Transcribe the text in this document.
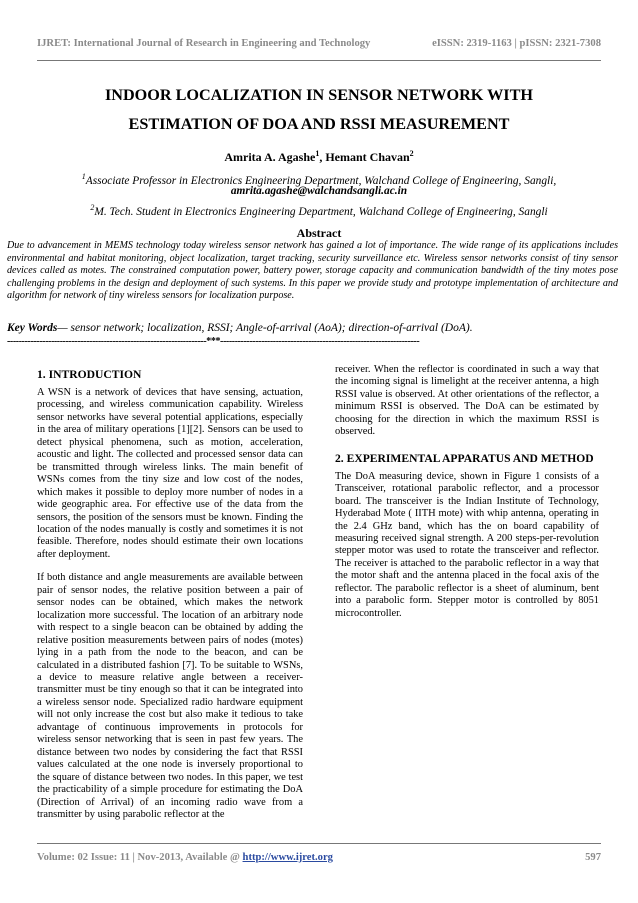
IJRET: International Journal of Research in Engineering and Technology	eISSN: 2319-1163 | pISSN: 2321-7308
INDOOR LOCALIZATION IN SENSOR NETWORK WITH
ESTIMATION OF DOA AND RSSI MEASUREMENT
Amrita A. Agashe$^1$, Hemant Chavan$^2$
$^1$Associate Professor in Electronics Engineering Department, Walchand College of Engineering, Sangli,
amrita.agashe@walchandsangli.ac.in
$^2$M. Tech. Student in Electronics Engineering Department, Walchand College of Engineering, Sangli
Abstract
Due to advancement in MEMS technology today wireless sensor network has gained a lot of importance. The wide range of its applications includes environmental and habitat monitoring, object localization, target tracking, security surveillance etc. Wireless sensor networks consist of tiny sensor devices called as motes. The constrained computation power, battery power, storage capacity and communication bandwidth of the tiny motes pose challenging problems in the design and deployment of such systems. In this paper we provide study and prototype implementation of architecture and algorithm for network of tiny wireless sensors for localization purpose.
Key Words— sensor network; localization, RSSI; Angle-of-arrival (AoA); direction-of-arrival (DoA).
--------------------------------------------------------------------***--------------------------------------------------------------------
1. INTRODUCTION

A WSN is a network of devices that have sensing, actuation, processing, and wireless communication capability. Wireless sensor networks have several potential applications, especially in the area of military operations [1][2]. Sensors can be used to detect physical phenomena, such as motion, acceleration, acoustic and light. The collected and processed sensor data can be transmitted through wireless links. The main benefit of WSNs comes from the tiny size and low cost of the nodes, which makes it possible to deploy more number of nodes in a wide geographic area. For effective use of the data from the sensors, the position of the sensors must be known. Finding the location of the nodes manually is costly and sometimes it is not feasible. Therefore, nodes should estimate their own locations after deployment.

If both distance and angle measurements are available between pair of sensor nodes, the relative position between a pair of sensor nodes can be obtained, which makes the network localization more successful. The location of an arbitrary node with respect to a single beacon can be obtained by adding the relative position measurements between pairs of nodes (motes) lying in a path from the node to the beacon, and can be calculated in a distributed fashion [7]. To be suitable to WSNs, a device to measure relative angle between a receiver-transmitter must be tiny enough so that it can be integrated into a wireless sensor node. Specialized radio hardware equipment will not only increase the cost but also make it tedious to take advantage of continuous improvements in protocols for wireless sensor networking that is seen in past few years. The distance between two nodes by considering the fact that RSSI values calculated at the one node is inversely proportional to the square of distance between two nodes. In this paper, we test the practicability of a simple procedure for estimating the DoA (Direction of Arrival) of an incoming radio wave from a transmitter by using parabolic reflector at the

receiver. When the reflector is coordinated in such a way that the incoming signal is limelight at the receiver antenna, a high RSSI value is observed. At other orientations of the reflector, a minimum RSSI is observed. The DoA can be estimated by choosing for the direction in which the maximum RSSI is observed.

2. EXPERIMENTAL APPARATUS AND METHOD

The DoA measuring device, shown in Figure 1 consists of a Transceiver, rotational parabolic reflector, and a processor board. The transceiver is the Indian Institute of Technology, Hyderabad Mote ( IITH mote) with whip antenna, operating in the 2.4 GHz band, which has the on board capability of measuring received signal strength. A 200 steps-per-revolution stepper motor was used to rotate the transceiver and reflector. The receiver is attached to the parabolic reflector in a way that the motor shaft and the antenna placed in the focal axis of the reflector. The parabolic reflector is a sheet of aluminum, bent into a parabolic form. Stepper motor is controlled by 8051 microcontroller.

Volume: 02 Issue: 11 | Nov-2013, Available @ http://www.ijret.org	597
